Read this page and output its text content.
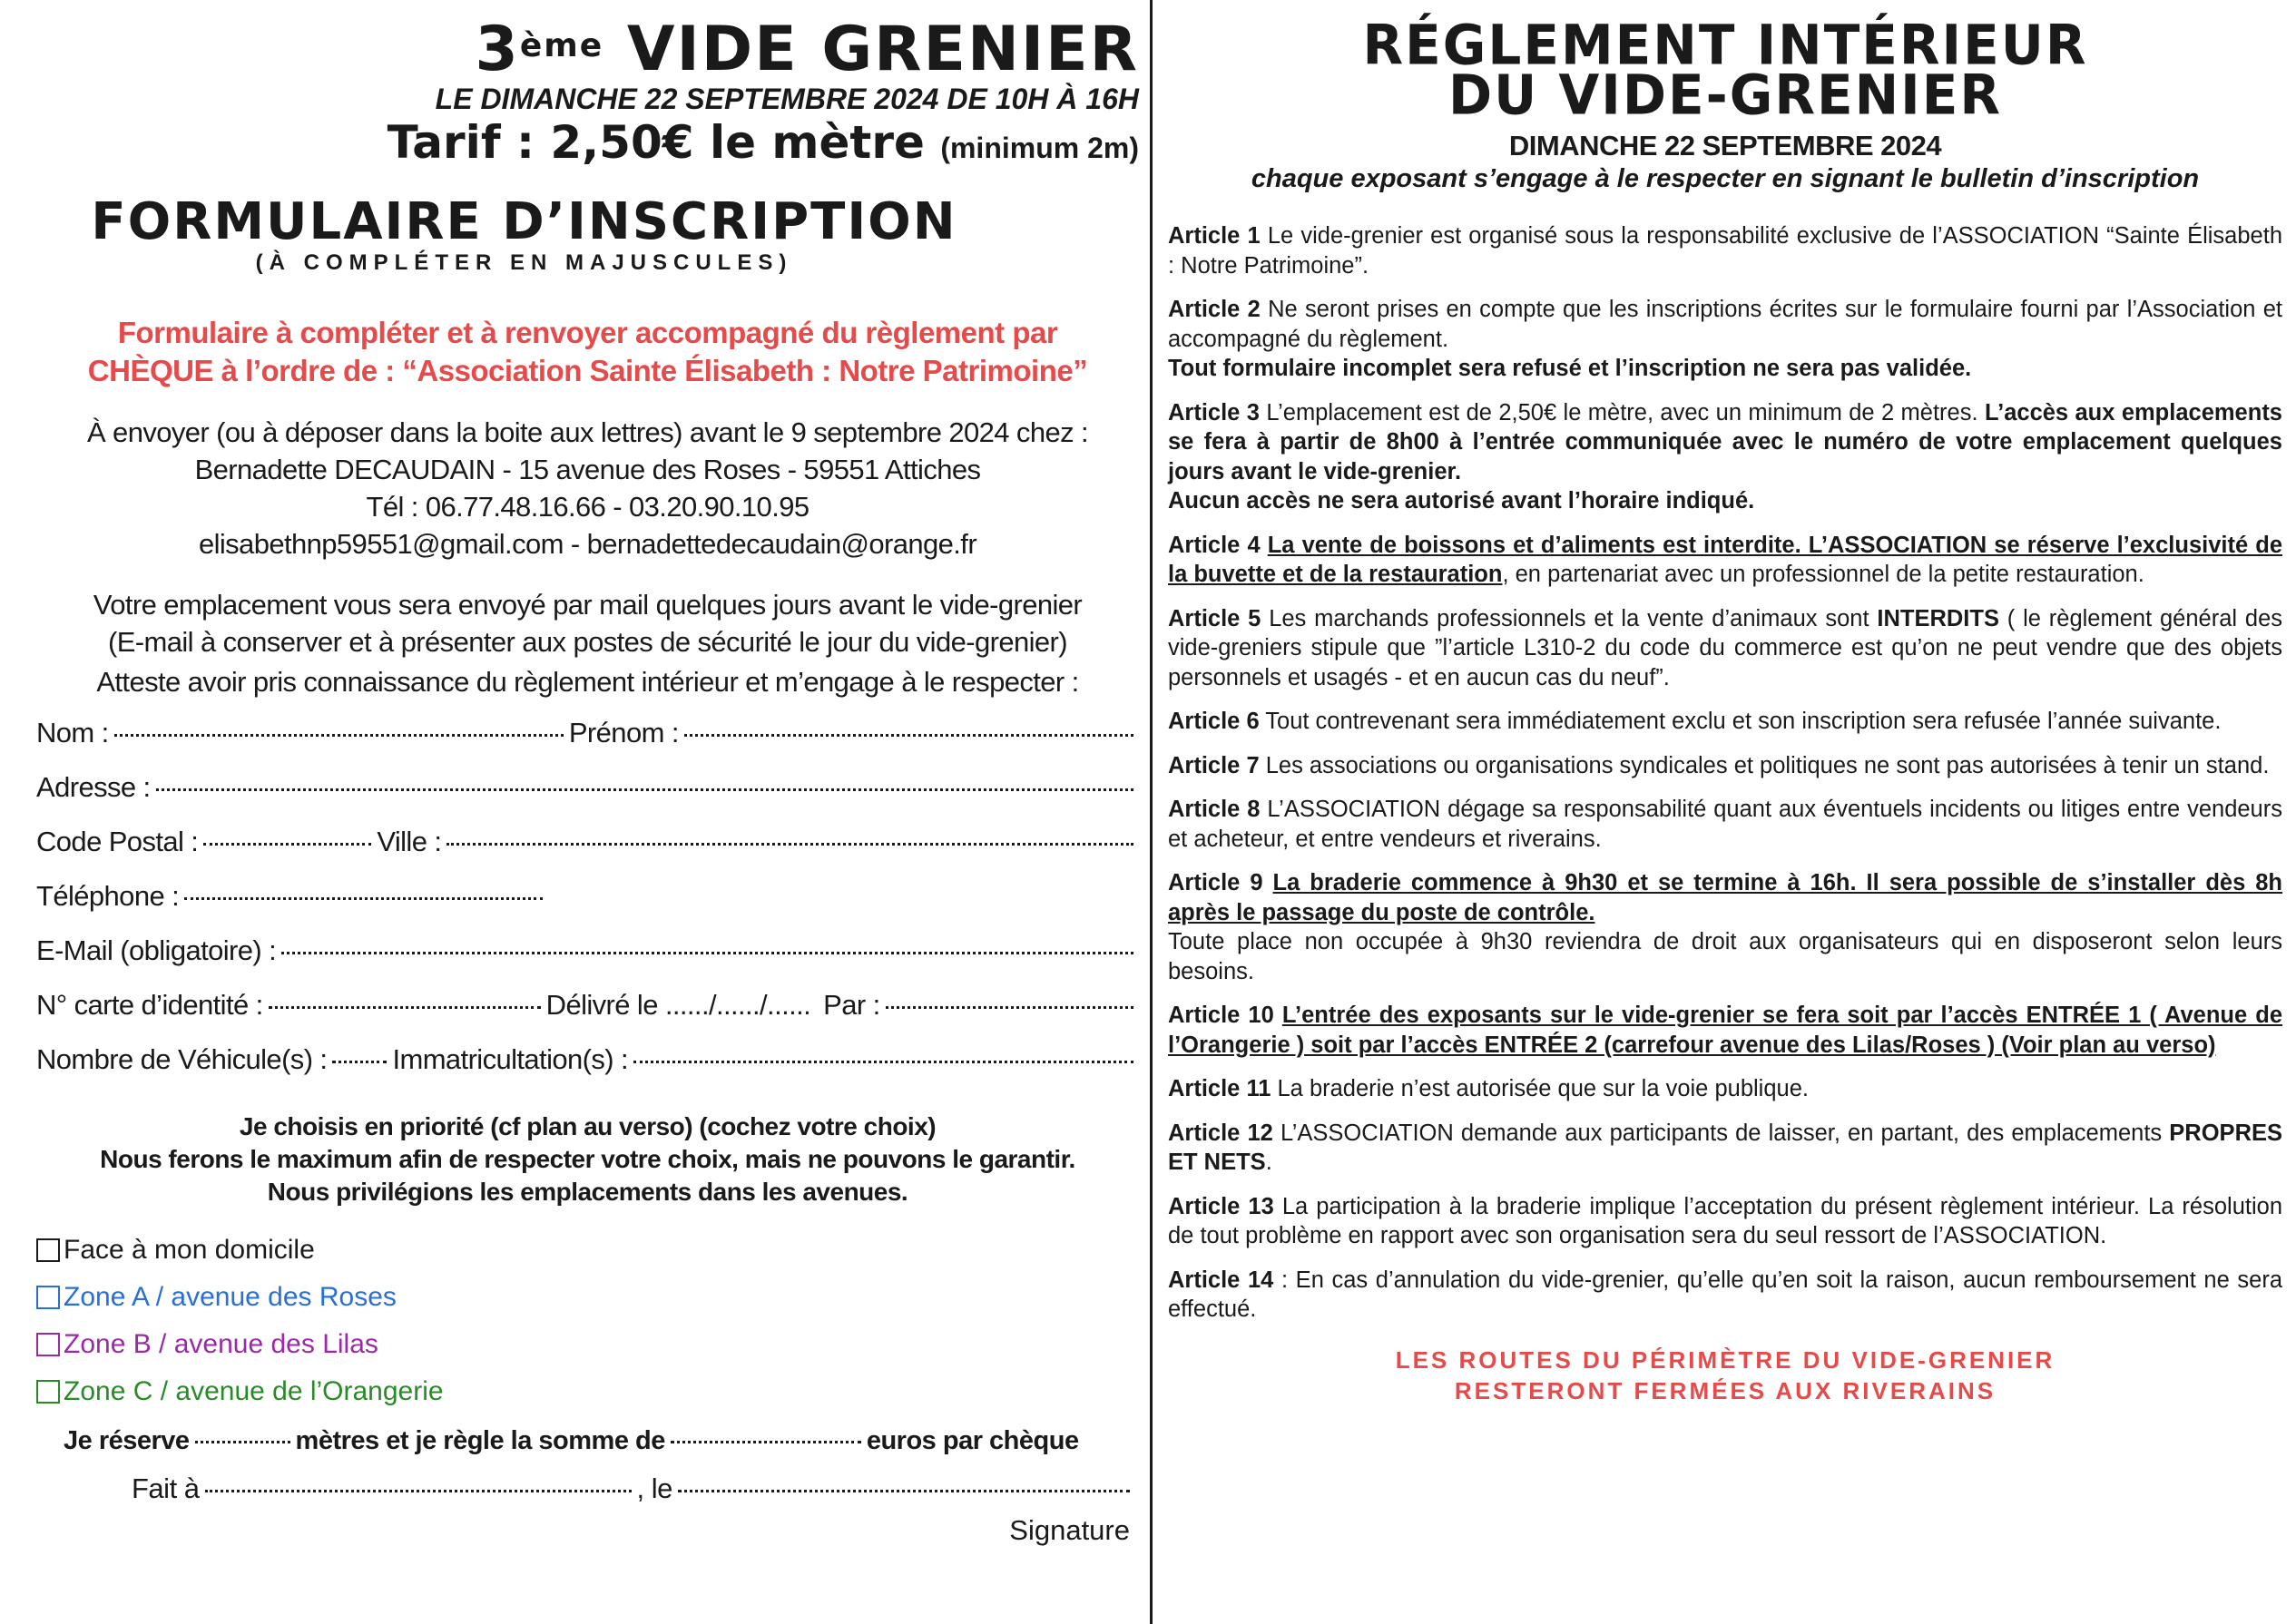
3ème VIDE GRENIER
LE DIMANCHE 22 SEPTEMBRE 2024 DE 10H À 16H
Tarif : 2,50€ le mètre (minimum 2m)
FORMULAIRE D’INSCRIPTION
(À COMPLÉTER EN MAJUSCULES)
Formulaire à compléter et à renvoyer accompagné du règlement par
CHÈQUE à l’ordre de : “Association Sainte Élisabeth : Notre Patrimoine”
À envoyer (ou à déposer dans la boite aux lettres) avant le 9 septembre 2024 chez :
Bernadette DECAUDAIN - 15 avenue des Roses - 59551 Attiches
Tél : 06.77.48.16.66 - 03.20.90.10.95
elisabethnp59551@gmail.com - bernadettedecaudain@orange.fr
Votre emplacement vous sera envoyé par mail quelques jours avant le vide-grenier
(E-mail à conserver et à présenter aux postes de sécurité le jour du vide-grenier)
Atteste avoir pris connaissance du règlement intérieur et m’engage à le respecter :
Nom :	Prénom :
Adresse :
Code Postal :	Ville :
Téléphone :
E-Mail (obligatoire) :
N° carte d’identité :	Délivré le ....../....../...... Par :
Nombre de Véhicule(s) : Immatricultation(s) :
Je choisis en priorité (cf plan au verso) (cochez votre choix)
Nous ferons le maximum afin de respecter votre choix, mais ne pouvons le garantir.
Nous privilégions les emplacements dans les avenues.
Face à mon domicile
Zone A / avenue des Roses
Zone B / avenue des Lilas
Zone C / avenue de l’Orangerie
Je réserve	mètres et je règle la somme de	euros par chèque
Fait à	, le
Signature
RÉGLEMENT INTÉRIEUR
DU VIDE-GRENIER
DIMANCHE 22 SEPTEMBRE 2024
chaque exposant s’engage à le respecter en signant le bulletin d’inscription
Article 1 Le vide-grenier est organisé sous la responsabilité exclusive de l’ASSOCIATION “Sainte Élisabeth : Notre Patrimoine”.
Article 2 Ne seront prises en compte que les inscriptions écrites sur le formulaire fourni par l’Association et accompagné du règlement.
Tout formulaire incomplet sera refusé et l’inscription ne sera pas validée.
Article 3 L’emplacement est de 2,50€ le mètre, avec un minimum de 2 mètres. L’accès aux emplacements se fera à partir de 8h00 à l’entrée communiquée avec le numéro de votre emplacement quelques jours avant le vide-grenier.
Aucun accès ne sera autorisé avant l’horaire indiqué.
Article 4 La vente de boissons et d’aliments est interdite. L’ASSOCIATION se réserve l’exclusivité de la buvette et de la restauration, en partenariat avec un professionnel de la petite restauration.
Article 5 Les marchands professionnels et la vente d’animaux sont INTERDITS ( le règlement général des vide-greniers stipule que ”l’article L310-2 du code du commerce est qu’on ne peut vendre que des objets personnels et usagés - et en aucun cas du neuf”.
Article 6 Tout contrevenant sera immédiatement exclu et son inscription sera refusée l’année suivante.
Article 7 Les associations ou organisations syndicales et politiques ne sont pas autorisées à tenir un stand.
Article 8 L’ASSOCIATION dégage sa responsabilité quant aux éventuels incidents ou litiges entre vendeurs et acheteur, et entre vendeurs et riverains.
Article 9 La braderie commence à 9h30 et se termine à 16h. Il sera possible de s’installer dès 8h après le passage du poste de contrôle.
Toute place non occupée à 9h30 reviendra de droit aux organisateurs qui en disposeront selon leurs besoins.
Article 10 L’entrée des exposants sur le vide-grenier se fera soit par l’accès ENTRÉE 1 ( Avenue de l’Orangerie ) soit par l’accès ENTRÉE 2 (carrefour avenue des Lilas/Roses ) (Voir plan au verso)
Article 11 La braderie n’est autorisée que sur la voie publique.
Article 12 L’ASSOCIATION demande aux participants de laisser, en partant, des emplacements PROPRES ET NETS.
Article 13 La participation à la braderie implique l’acceptation du présent règlement intérieur. La résolution de tout problème en rapport avec son organisation sera du seul ressort de l’ASSOCIATION.
Article 14 : En cas d’annulation du vide-grenier, qu’elle qu’en soit la raison, aucun remboursement ne sera effectué.
LES ROUTES DU PÉRIMÈTRE DU VIDE-GRENIER
RESTERONT FERMÉES AUX RIVERAINS
